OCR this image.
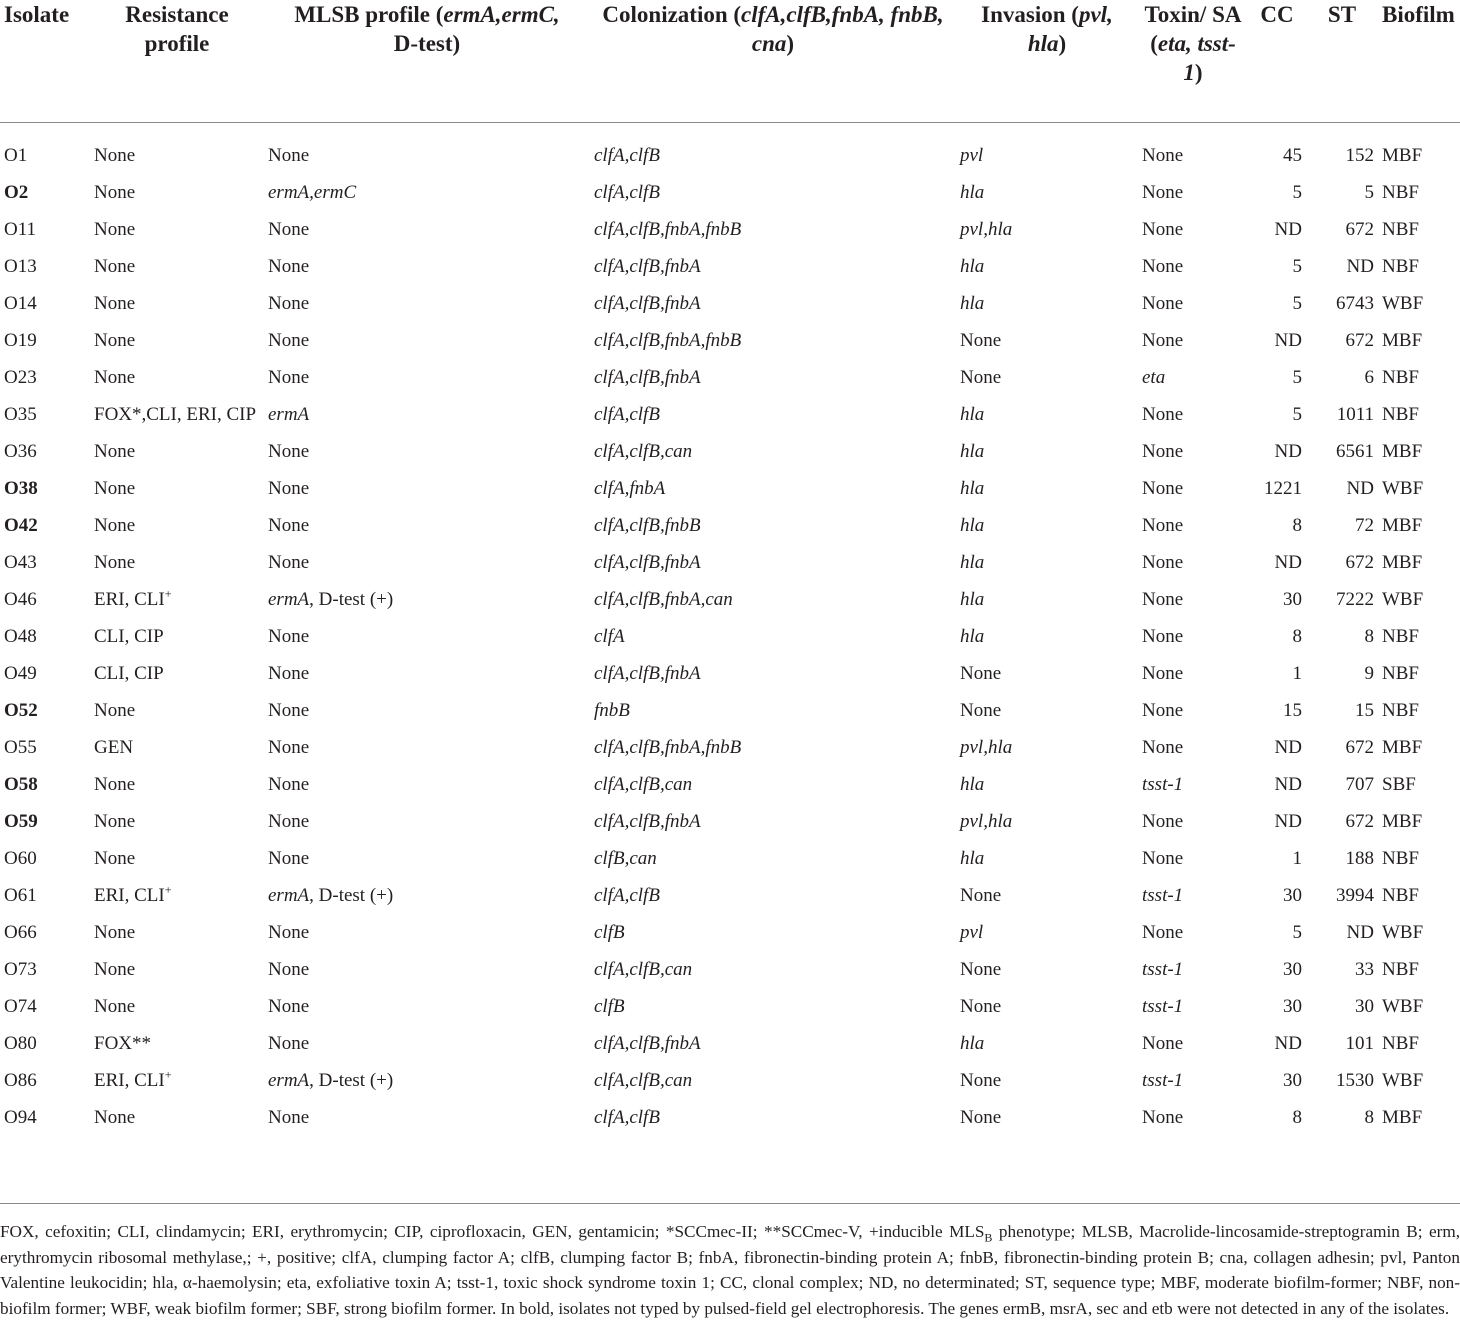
Isolate	Resistance profile	MLSB profile (ermA,ermC,
D-test)	Colonization (clfA,clfB,fnbA, fnbB, cna)	Invasion (pvl, hla)	Toxin/ SA (eta, tsst-1)	CC	ST	Biofilm
O1	None	None	clfA,clfB	pvl	None	45	152	MBF
O2	None	ermA,ermC	clfA,clfB	hla	None	5	5	NBF
O11	None	None	clfA,clfB,fnbA,fnbB	pvl,hla	None	ND	672	NBF
O13	None	None	clfA,clfB,fnbA	hla	None	5	ND	NBF
O14	None	None	clfA,clfB,fnbA	hla	None	5	6743	WBF
O19	None	None	clfA,clfB,fnbA,fnbB	None	None	ND	672	MBF
O23	None	None	clfA,clfB,fnbA	None	eta	5	6	NBF
O35	FOX*,CLI, ERI, CIP	ermA	clfA,clfB	hla	None	5	1011	NBF
O36	None	None	clfA,clfB,can	hla	None	ND	6561	MBF
O38	None	None	clfA,fnbA	hla	None	1221	ND	WBF
O42	None	None	clfA,clfB,fnbB	hla	None	8	72	MBF
O43	None	None	clfA,clfB,fnbA	hla	None	ND	672	MBF
O46	ERI, CLI+	ermA, D-test (+)	clfA,clfB,fnbA,can	hla	None	30	7222	WBF
O48	CLI, CIP	None	clfA	hla	None	8	8	NBF
O49	CLI, CIP	None	clfA,clfB,fnbA	None	None	1	9	NBF
O52	None	None	fnbB	None	None	15	15	NBF
O55	GEN	None	clfA,clfB,fnbA,fnbB	pvl,hla	None	ND	672	MBF
O58	None	None	clfA,clfB,can	hla	tsst-1	ND	707	SBF
O59	None	None	clfA,clfB,fnbA	pvl,hla	None	ND	672	MBF
O60	None	None	clfB,can	hla	None	1	188	NBF
O61	ERI, CLI+	ermA, D-test (+)	clfA,clfB	None	tsst-1	30	3994	NBF
O66	None	None	clfB	pvl	None	5	ND	WBF
O73	None	None	clfA,clfB,can	None	tsst-1	30	33	NBF
O74	None	None	clfB	None	tsst-1	30	30	WBF
O80	FOX**	None	clfA,clfB,fnbA	hla	None	ND	101	NBF
O86	ERI, CLI+	ermA, D-test (+)	clfA,clfB,can	None	tsst-1	30	1530	WBF
O94	None	None	clfA,clfB	None	None	8	8	MBF
FOX, cefoxitin; CLI, clindamycin; ERI, erythromycin; CIP, ciprofloxacin, GEN, gentamicin; *SCCmec-II; **SCCmec-V, +inducible $MLS_B$ phenotype; MLSB, Macrolide-lincosamide-streptogramin B; erm, erythromycin ribosomal methylase,; +, positive; clfA, clumping factor A; clfB, clumping factor B; fnbA, fibronectin-binding protein A; fnbB, fibronectin-binding protein B; cna, collagen adhesin; pvl, Panton Valentine leukocidin; hla, α-haemolysin; eta, exfoliative toxin A; tsst-1, toxic shock syndrome toxin 1; CC, clonal complex; ND, no determinated; ST, sequence type; MBF, moderate biofilm-former; NBF, non-biofilm former; WBF, weak biofilm former; SBF, strong biofilm former. In bold, isolates not typed by pulsed-field gel electrophoresis. The genes ermB, msrA, sec and etb were not detected in any of the isolates.
